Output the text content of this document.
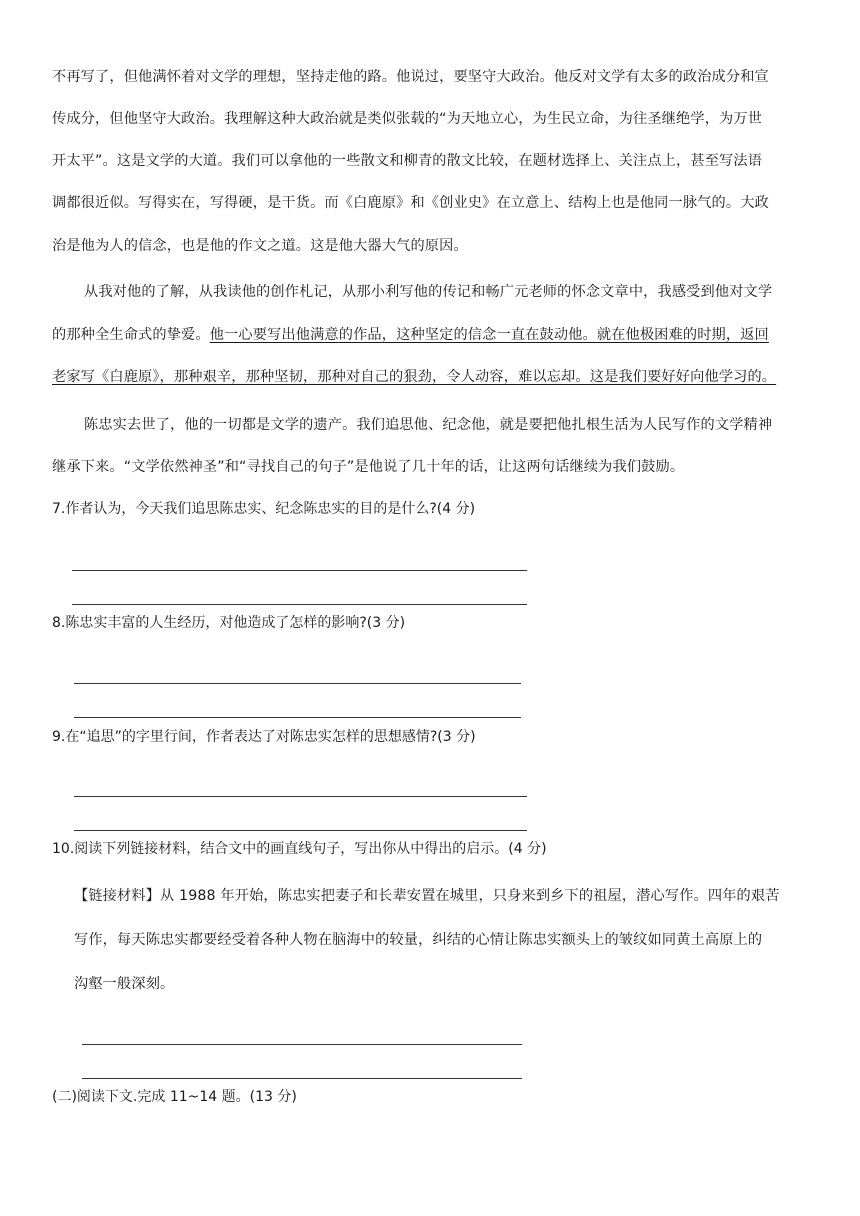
不再写了，但他满怀着对文学的理想，坚持走他的路。他说过，要坚守大政治。他反对文学有太多的政治成分和宣
传成分，但他坚守大政治。我理解这种大政治就是类似张载的“为天地立心，为生民立命，为往圣继绝学，为万世
开太平”。这是文学的大道。我们可以拿他的一些散文和柳青的散文比较，在题材选择上、关注点上，甚至写法语
调都很近似。写得实在，写得硬，是干货。而《白鹿原》和《创业史》在立意上、结构上也是他同一脉气的。大政
治是他为人的信念，也是他的作文之道。这是他大器大气的原因。
从我对他的了解，从我读他的创作札记，从那小利写他的传记和畅广元老师的怀念文章中，我感受到他对文学
的那种全生命式的挚爱。他一心要写出他满意的作品，这种坚定的信念一直在鼓动他。就在他极困难的时期，返回
老家写《白鹿原》，那种艰辛，那种坚韧，那种对自己的狠劲，令人动容，难以忘却。这是我们要好好向他学习的。
陈忠实去世了，他的一切都是文学的遗产。我们追思他、纪念他，就是要把他扎根生活为人民写作的文学精神
继承下来。“文学依然神圣”和“寻找自己的句子”是他说了几十年的话，让这两句话继续为我们鼓励。
7.作者认为，今天我们追思陈忠实、纪念陈忠实的目的是什么?(4 分)
8.陈忠实丰富的人生经历，对他造成了怎样的影响?(3 分)
9.在“追思”的字里行间，作者表达了对陈忠实怎样的思想感情?(3 分)
10.阅读下列链接材料，结合文中的画直线句子，写出你从中得出的启示。(4 分)
【链接材料】从 1988 年开始，陈忠实把妻子和长辈安置在城里，只身来到乡下的祖屋，潜心写作。四年的艰苦
写作，每天陈忠实都要经受着各种人物在脑海中的较量，纠结的心情让陈忠实额头上的皱纹如同黄土高原上的
沟壑一般深刻。
(二)阅读下文.完成 11~14 题。(13 分)
